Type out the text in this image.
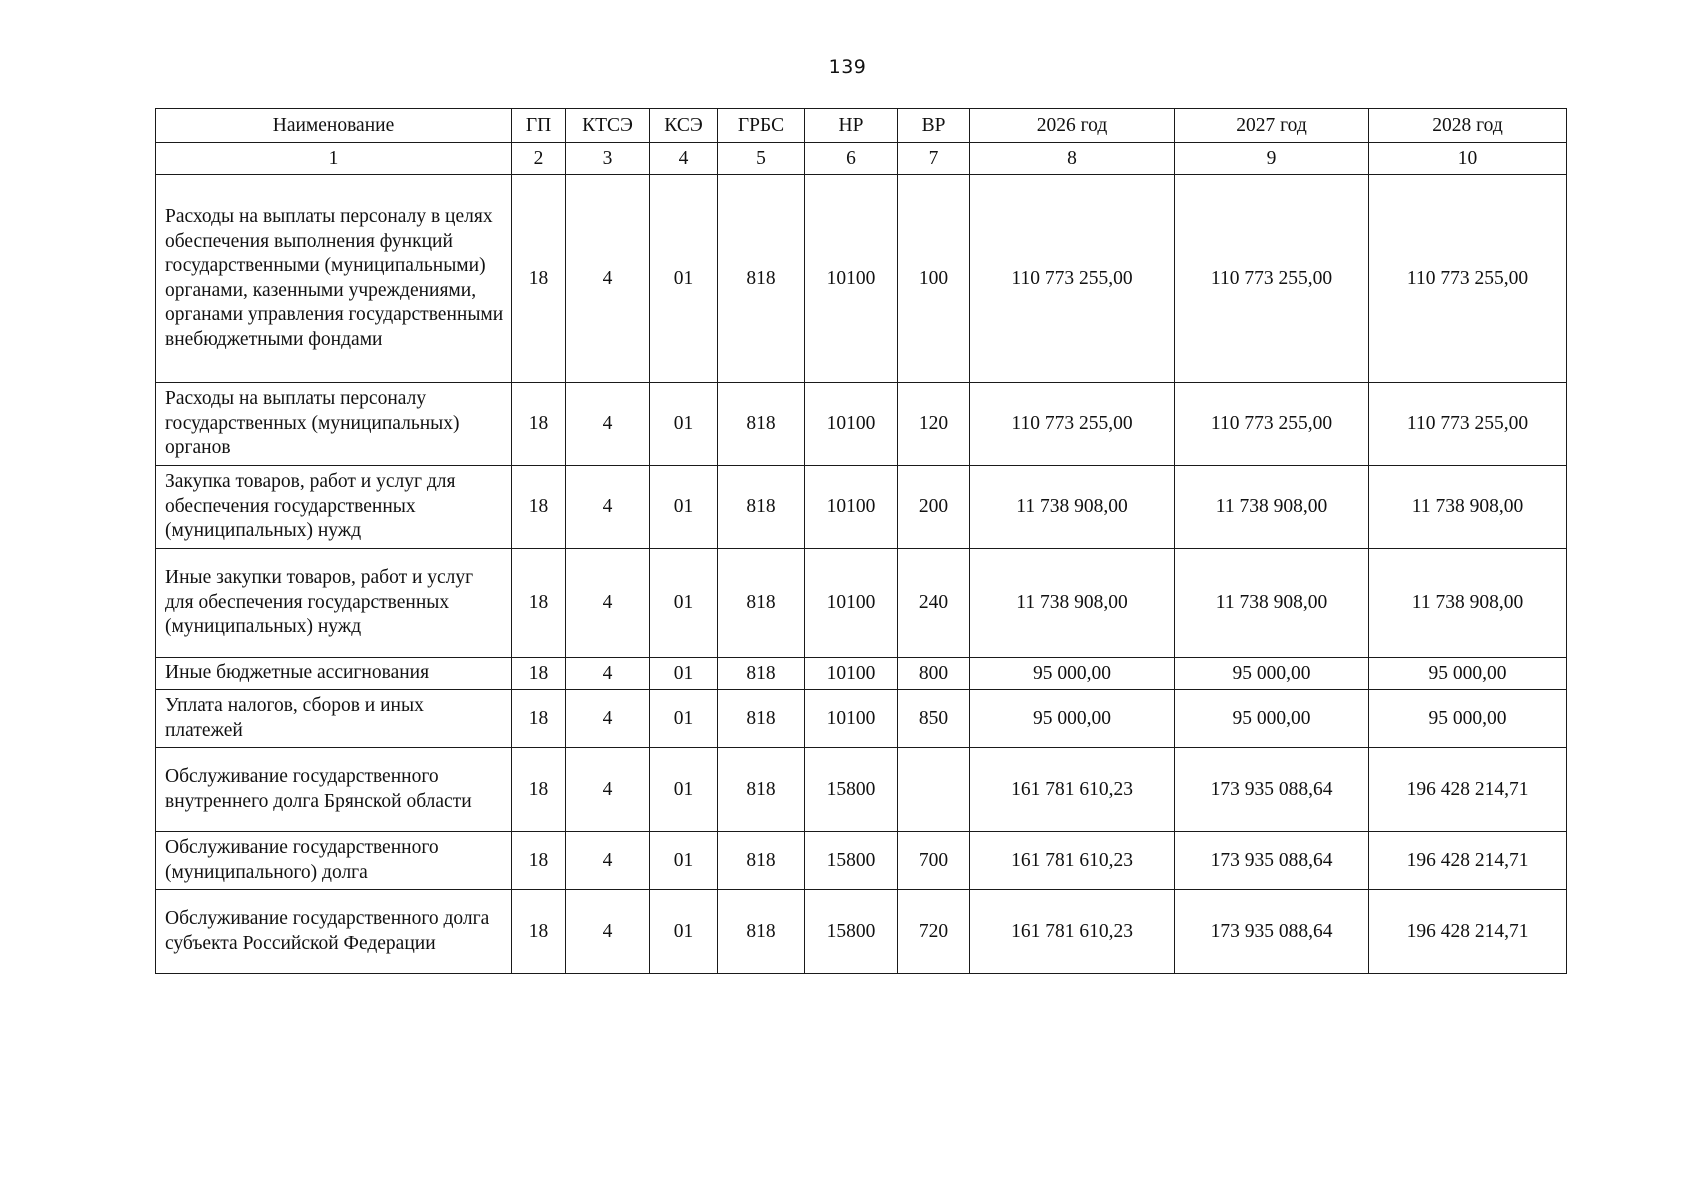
139
Наименование	ГП	КТСЭ	КСЭ	ГРБС	НР	ВР	2026 год	2027 год	2028 год
1	2	3	4	5	6	7	8	9	10
Расходы на выплаты персоналу в целях обеспечения выполнения функций государственными (муниципальными) органами, казенными учреждениями, органами управления государственными внебюджетными фондами	18	4	01	818	10100	100	110 773 255,00	110 773 255,00	110 773 255,00
Расходы на выплаты персоналу государственных (муниципальных) органов	18	4	01	818	10100	120	110 773 255,00	110 773 255,00	110 773 255,00
Закупка товаров, работ и услуг для обеспечения государственных (муниципальных) нужд	18	4	01	818	10100	200	11 738 908,00	11 738 908,00	11 738 908,00
Иные закупки товаров, работ и услуг для обеспечения государственных (муниципальных) нужд	18	4	01	818	10100	240	11 738 908,00	11 738 908,00	11 738 908,00
Иные бюджетные ассигнования	18	4	01	818	10100	800	95 000,00	95 000,00	95 000,00
Уплата налогов, сборов и иных платежей	18	4	01	818	10100	850	95 000,00	95 000,00	95 000,00
Обслуживание государственного внутреннего долга Брянской области	18	4	01	818	15800		161 781 610,23	173 935 088,64	196 428 214,71
Обслуживание государственного (муниципального) долга	18	4	01	818	15800	700	161 781 610,23	173 935 088,64	196 428 214,71
Обслуживание государственного долга субъекта Российской Федерации	18	4	01	818	15800	720	161 781 610,23	173 935 088,64	196 428 214,71
